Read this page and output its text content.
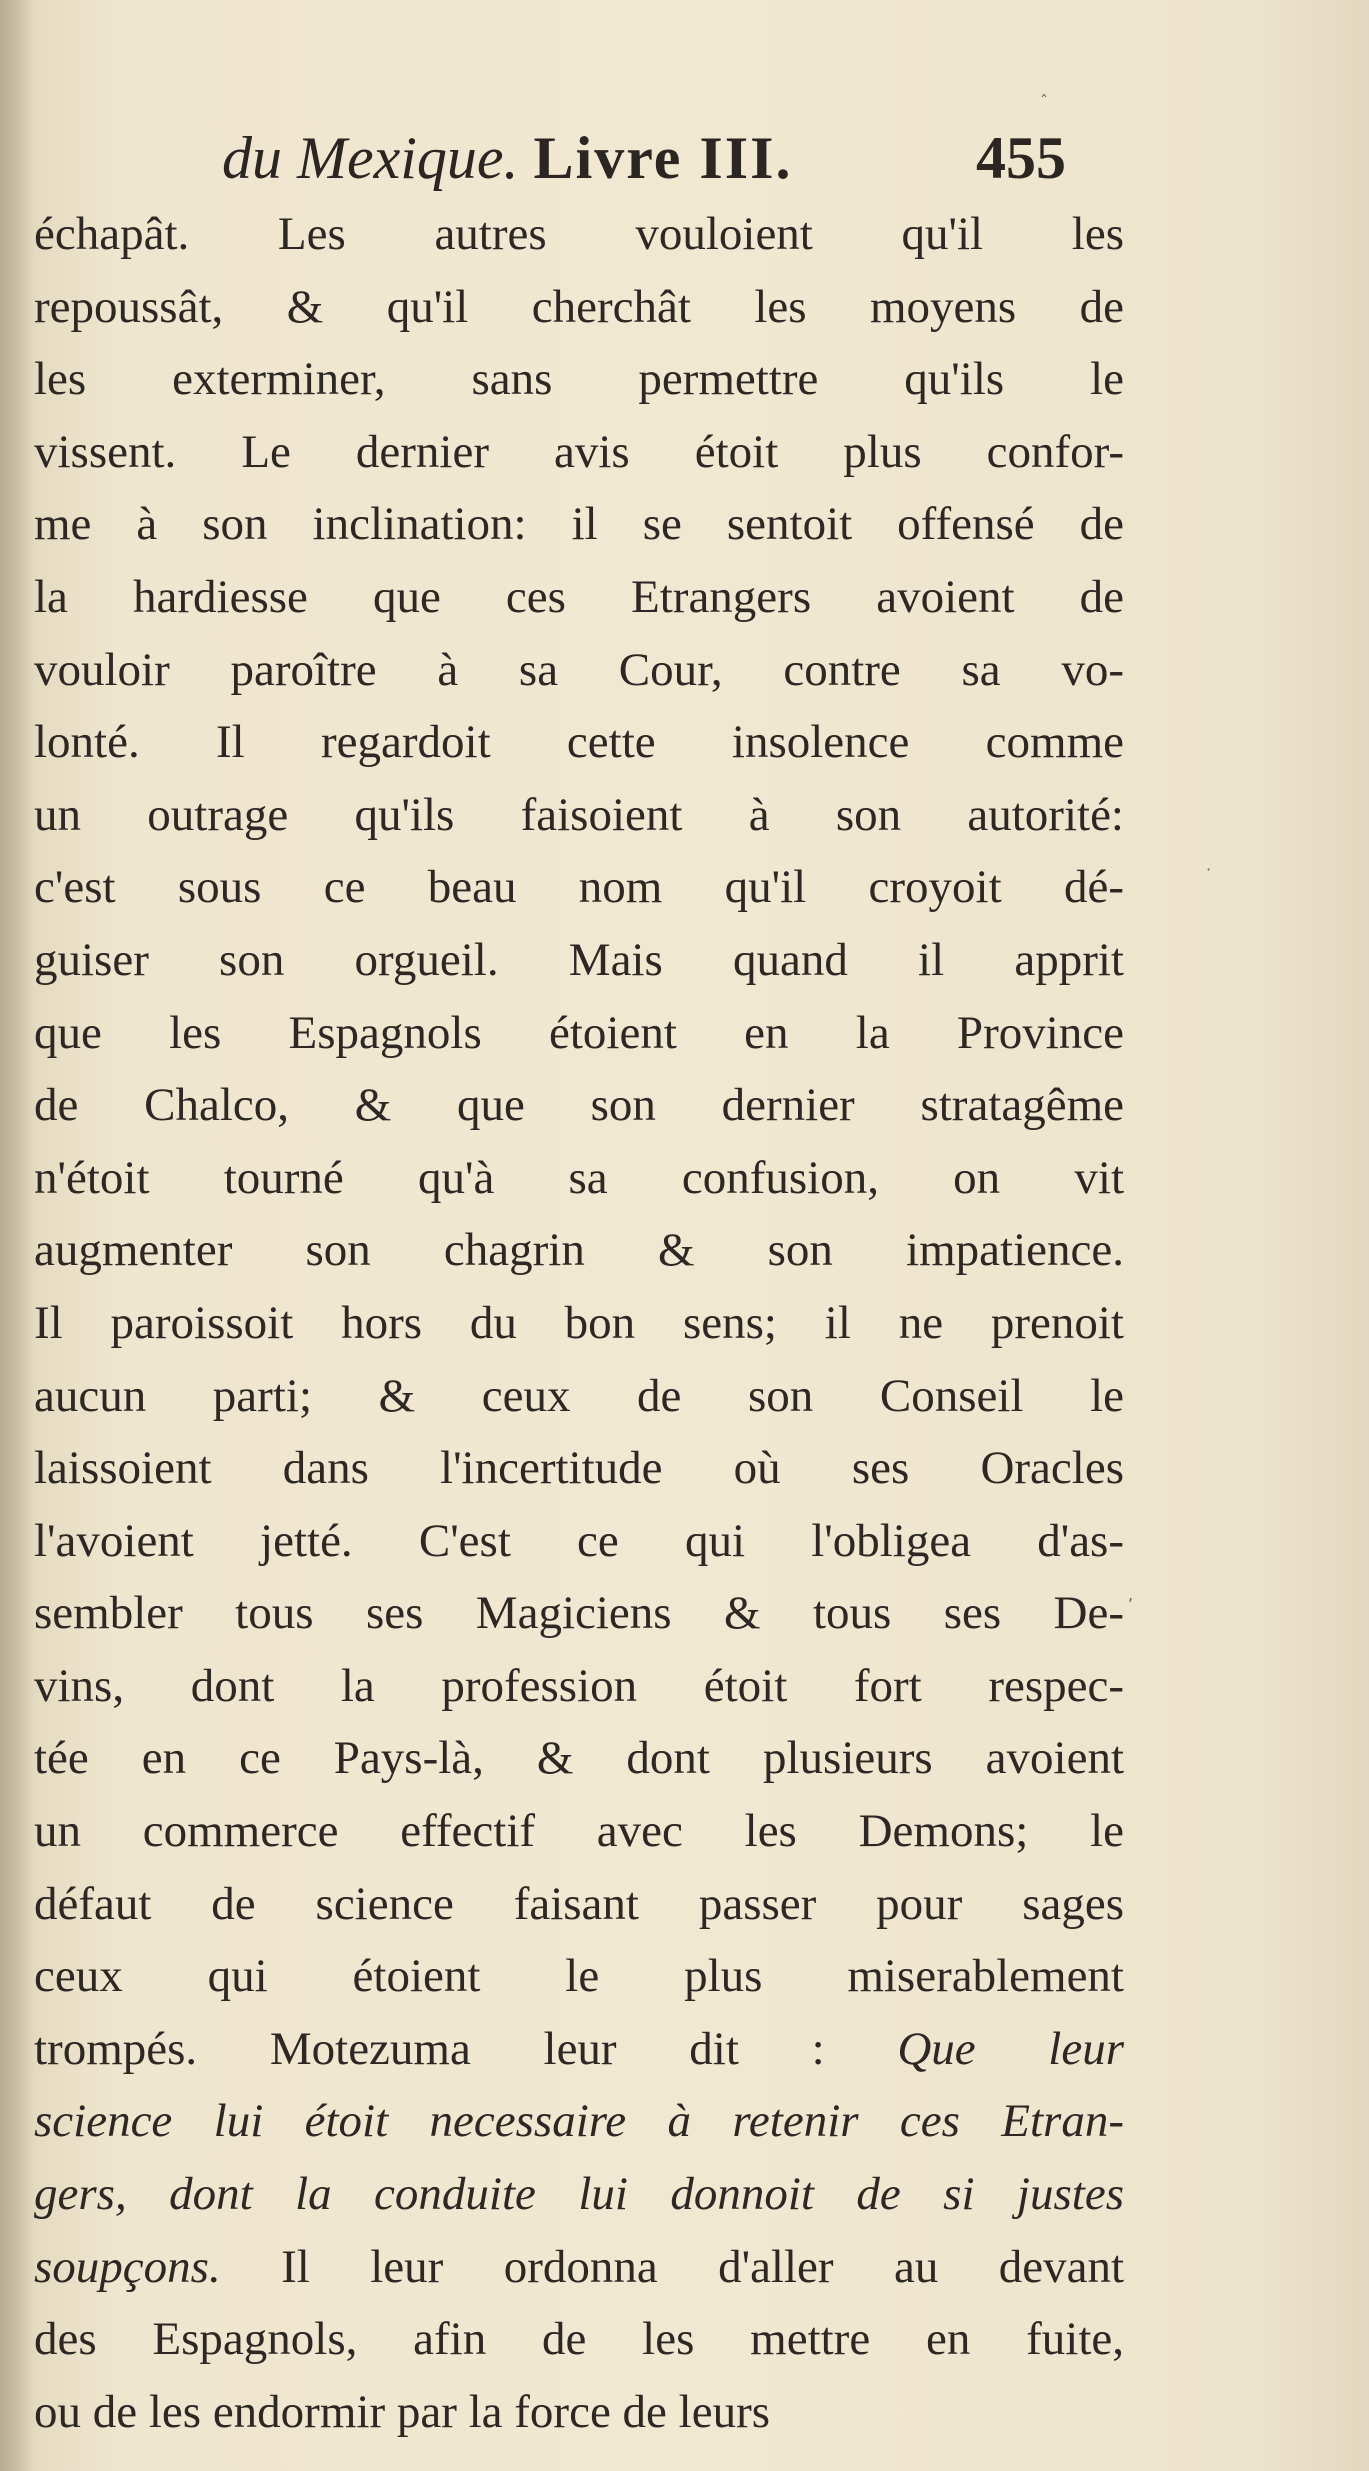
du Mexique. Livre III.	455
échapât. Les autres vouloient qu'il les
repoussât, & qu'il cherchât les moyens de
les exterminer, sans permettre qu'ils le
vissent. Le dernier avis étoit plus confor-
me à son inclination: il se sentoit offensé de
la hardiesse que ces Etrangers avoient de
vouloir paroître à sa Cour, contre sa vo-
lonté. Il regardoit cette insolence comme
un outrage qu'ils faisoient à son autorité:
c'est sous ce beau nom qu'il croyoit dé-
guiser son orgueil. Mais quand il apprit
que les Espagnols étoient en la Province
de Chalco, & que son dernier stratagême
n'étoit tourné qu'à sa confusion, on vit
augmenter son chagrin & son impatience.
Il paroissoit hors du bon sens; il ne prenoit
aucun parti; & ceux de son Conseil le
laissoient dans l'incertitude où ses Oracles
l'avoient jetté. C'est ce qui l'obligea d'as-
sembler tous ses Magiciens & tous ses De-
vins, dont la profession étoit fort respec-
tée en ce Pays-là, & dont plusieurs avoient
un commerce effectif avec les Demons; le
défaut de science faisant passer pour sages
ceux qui étoient le plus miserablement
trompés. Motezuma leur dit : Que leur
science lui étoit necessaire à retenir ces Etran-
gers, dont la conduite lui donnoit de si justes
soupçons. Il leur ordonna d'aller au devant
des Espagnols, afin de les mettre en fuite,
ou de les endormir par la force de leurs
·
,
ˆ
